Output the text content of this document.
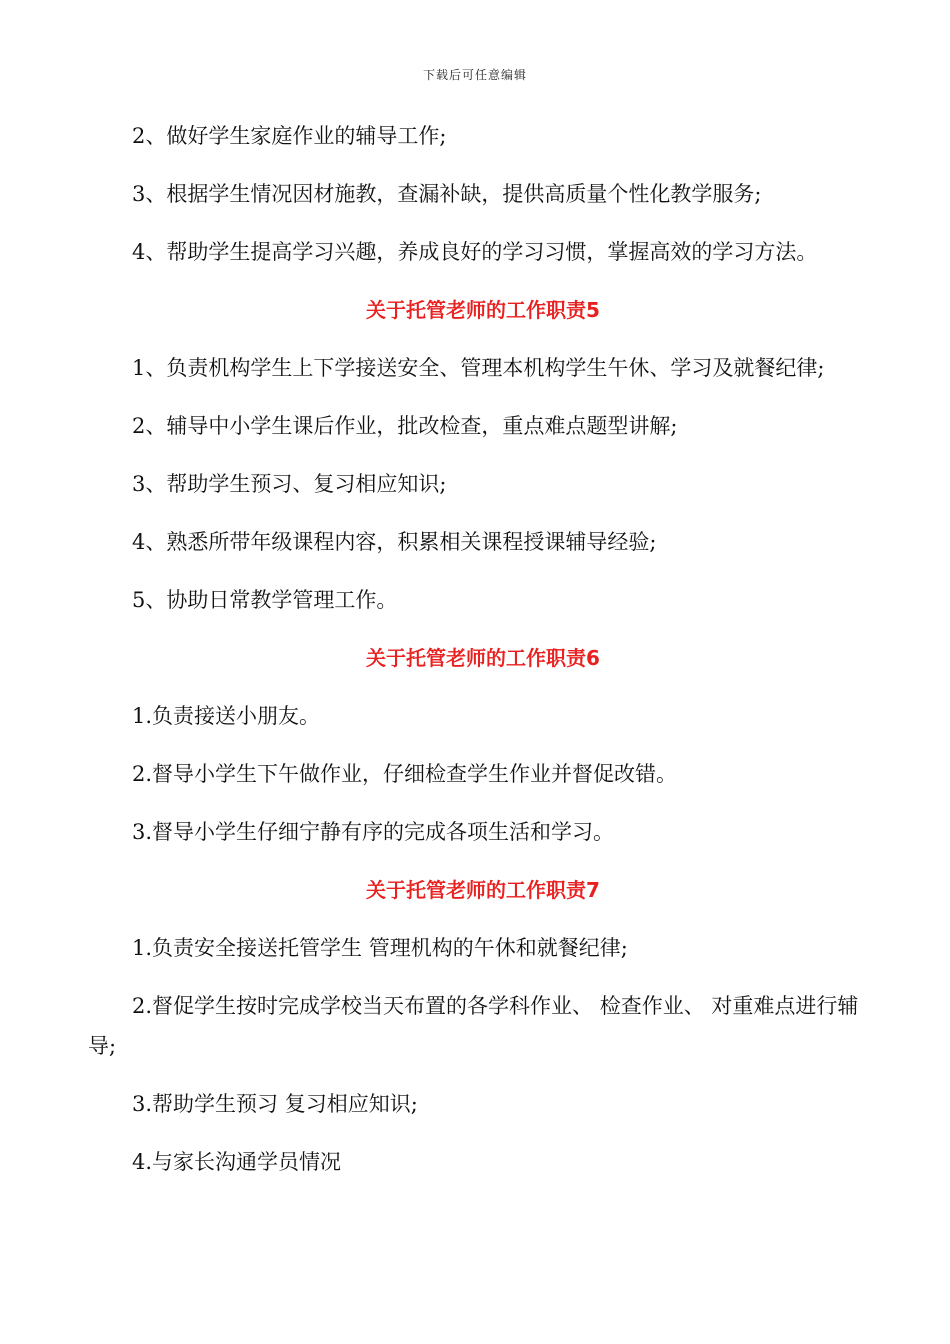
下载后可任意编辑

2、做好学生家庭作业的辅导工作;

3、根据学生情况因材施教，查漏补缺，提供高质量个性化教学服务;

4、帮助学生提高学习兴趣，养成良好的学习习惯，掌握高效的学习方法。

关于托管老师的工作职责5

1、负责机构学生上下学接送安全、管理本机构学生午休、学习及就餐纪律;

2、辅导中小学生课后作业，批改检查，重点难点题型讲解;

3、帮助学生预习、复习相应知识;

4、熟悉所带年级课程内容，积累相关课程授课辅导经验;

5、协助日常教学管理工作。

关于托管老师的工作职责6

1.负责接送小朋友。

2.督导小学生下午做作业，仔细检查学生作业并督促改错。

3.督导小学生仔细宁静有序的完成各项生活和学习。

关于托管老师的工作职责7

1.负责安全接送托管学生 管理机构的午休和就餐纪律;

2.督促学生按时完成学校当天布置的各学科作业、 检查作业、 对重难点进行辅导;

3.帮助学生预习 复习相应知识;

4.与家长沟通学员情况
